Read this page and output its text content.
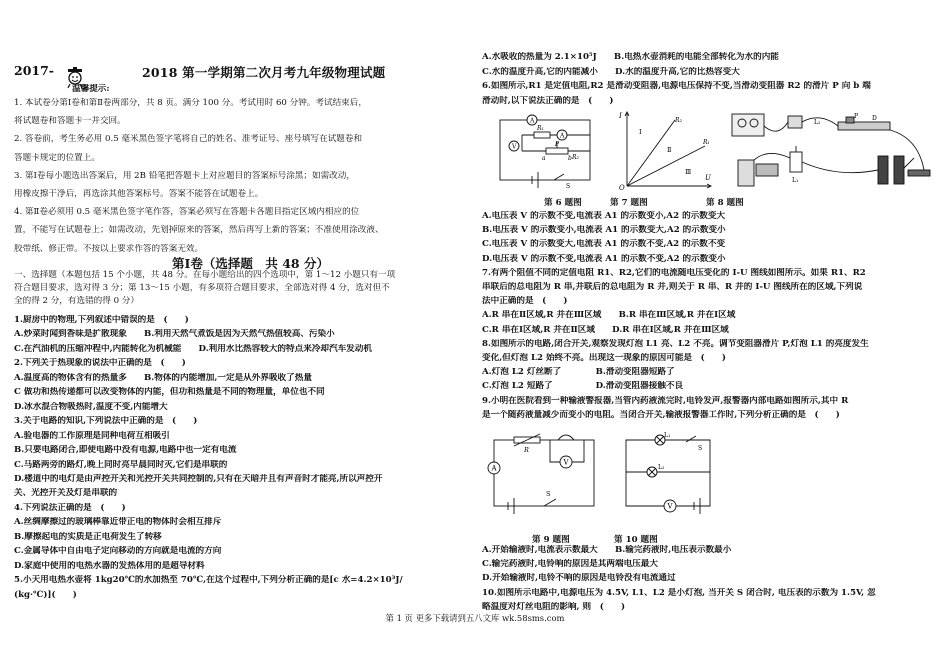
2017-	2018 第一学期第二次月考九年级物理试题
温馨提示:
1. 本试卷分第Ⅰ卷和第Ⅱ卷两部分，共 8 页。满分 100 分。考试用时 60 分钟。考试结束后，
将试题卷和答题卡一并交回。
2. 答卷前，考生务必用 0.5 毫米黑色签字笔将自己的姓名、准考证号、座号填写在试题卷和
答题卡规定的位置上。
3. 第Ⅰ卷每小题选出答案后，用 2B 铅笔把答题卡上对应题目的答案标号涂黑；如需改动，
用橡皮擦干净后，再选涂其他答案标号。答案不能答在试题卷上。
4. 第Ⅱ卷必须用 0.5 毫米黑色签字笔作答，答案必须写在答题卡各题目指定区域内相应的位
置，不能写在试题卷上；如需改动，先划掉原来的答案，然后再写上新的答案；不准使用涂改液、
胶带纸、修正带。不按以上要求作答的答案无效。
一、选择题（本题包括 15 个小题，共 48 分。在每小题给出的四个选项中，第 1～12 小题只有一项
符合题目要求，选对得 3 分；第 13～15 小题，有多项符合题目要求，全部选对得 4 分，选对但不
全的得 2 分，有选错的得 0 分）
1.厨房中的物理,下列叙述中错误的是　(　　)
A.炒菜时闻到香味是扩散现象　　B.利用天然气煮饭是因为天然气热值较高、污染小
C.在汽油机的压缩冲程中,内能转化为机械能　　D.利用水比热容较大的特点来冷却汽车发动机
2.下列关于热现象的说法中正确的是　(　　)
A.温度高的物体含有的热量多　　B.物体的内能增加,一定是从外界吸收了热量
C 做功和热传递都可以改变物体的内能，但功和热量是不同的物理量，单位也不同
D.冰水混合物吸热时,温度不变,内能增大
3.关于电路的知识,下列说法中正确的是　(　　)
A.验电器的工作原理是同种电荷互相吸引
B.只要电路闭合,即使电路中没有电源,电路中也一定有电流
C.马路两旁的路灯,晚上同时亮早晨同时灭,它们是串联的
D.楼道中的电灯是由声控开关和光控开关共同控制的,只有在天暗并且有声音时才能亮,所以声控开
关、光控开关及灯是串联的
4.下列说法正确的是　(　　)
A.丝绸摩擦过的玻璃棒靠近带正电的物体时会相互排斥
B.摩擦起电的实质是正电荷发生了转移
C.金属导体中自由电子定向移动的方向就是电流的方向
D.家庭中使用的电热水器的发热体用的是超导材料
5.小天用电热水壶将 1kg20℃的水加热至 70℃,在这个过程中,下列分析正确的是[c 水=4.2×10³J/
(kg·℃)](　　)
第Ⅰ卷（选择题　共 48 分）
A.水吸收的热量为 2.1×10⁵J　　B.电热水壶消耗的电能全部转化为水的内能
C.水的温度升高,它的内能减小　　D.水的温度升高,它的比热容变大
6.如图所示,R1 是定值电阻,R2 是滑动变阻器,电源电压保持不变,当滑动变阻器 R2 的滑片 P 向 b 端
滑动时,以下说法正确的是　(　　)
A.电压表 V 的示数不变,电流表 A1 的示数变小,A2 的示数变大
B.电压表 V 的示数变小,电流表 A1 的示数变大,A2 的示数变小
C.电压表 V 的示数变大,电流表 A1 的示数不变,A2 的示数不变
D.电压表 V 的示数不变,电流表 A1 的示数不变,A2 的示数变小
7.有两个阻值不同的定值电阻 R1、R2,它们的电流随电压变化的 I-U 图线如图所示。如果 R1、R2
串联后的总电阻为 R 串,并联后的总电阻为 R 并,则关于 R 串、R 并的 I-U 图线所在的区域,下列说
法中正确的是　(　　)
A.R 串在Ⅱ区域,R 并在Ⅲ区域　　B.R 串在Ⅲ区域,R 并在Ⅰ区域
C.R 串在Ⅰ区域,R 并在Ⅱ区域　　D.R 串在Ⅰ区域,R 并在Ⅲ区域
8.如图所示的电路,闭合开关,观察发现灯泡 L1 亮、L2 不亮。调节变阻器滑片 P,灯泡 L1 的亮度发生
变化,但灯泡 L2 始终不亮。出现这一现象的原因可能是　(　　)
A.灯泡 L2 灯丝断了　　　　B.滑动变阻器短路了
C.灯泡 L2 短路了　　　　　D.滑动变阻器接触不良
9.小明在医院看到一种输液警报器,当管内药液流完时,电铃发声,报警器内部电路如图所示,其中 R
是一个随药液量减少而变小的电阻。当闭合开关,输液报警器工作时,下列分析正确的是　(　　)
A.开始输液时,电流表示数最大　　B.输完药液时,电压表示数最小
C.输完药液时,电铃响的原因是其两端电压最大
D.开始输液时,电铃不响的原因是电铃没有电流通过
10.如图所示电路中,电源电压为 4.5V, L1、L2 是小灯泡, 当开关 S 闭合时, 电压表的示数为 1.5V, 忽
略温度对灯丝电阻的影响, 则　(　　)
A
V
A
R₁
R₂
a
P
b
S
I
Ⅰ
Ⅱ
Ⅲ
R₂
R₁
O
U
L₂
P D
L₁
第 6 题图	第 7 题图	第 8 题图
A
R
V
S
L₁
S
L₂
V
第 9 题图	第 10 题图
第 1 页 更多下载请到五八文库 wk.58sms.com
